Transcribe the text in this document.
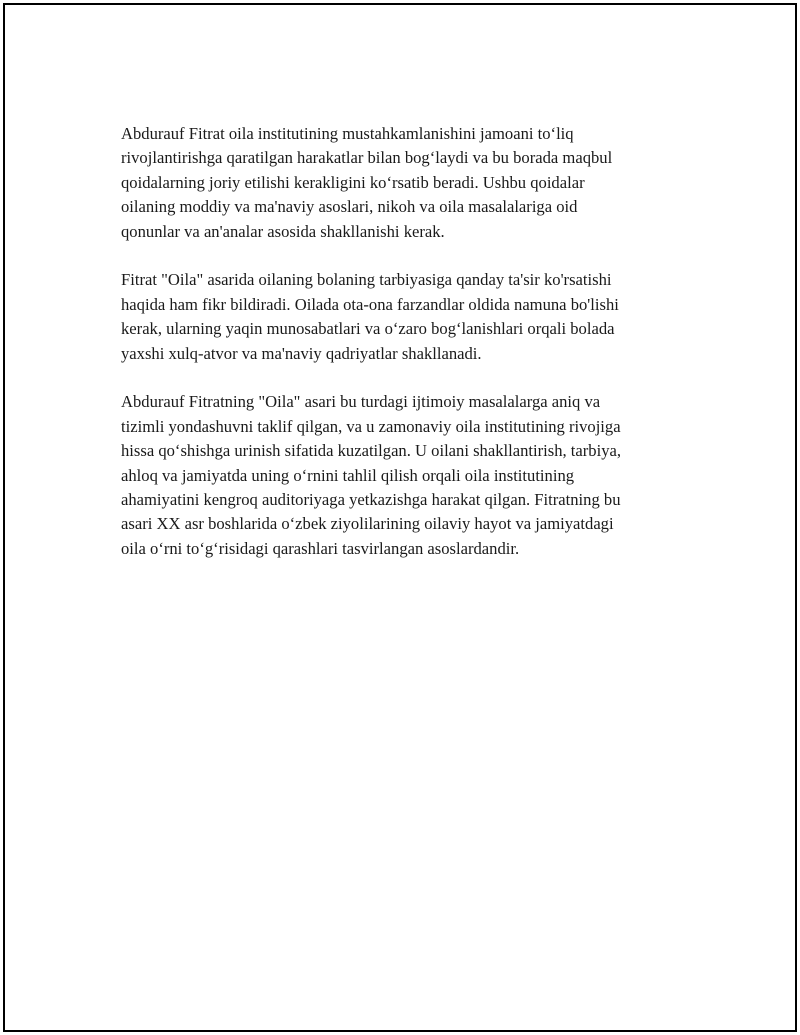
Abdurauf Fitrat oila institutining mustahkamlanishini jamoani to‘liq
rivojlantirishga qaratilgan harakatlar bilan bog‘laydi va bu borada maqbul
qoidalarning joriy etilishi kerakligini ko‘rsatib beradi. Ushbu qoidalar
oilaning moddiy va ma'naviy asoslari, nikoh va oila masalalariga oid
qonunlar va an'analar asosida shakllanishi kerak.

Fitrat "Oila" asarida oilaning bolaning tarbiyasiga qanday ta'sir ko'rsatishi
haqida ham fikr bildiradi. Oilada ota-ona farzandlar oldida namuna bo'lishi
kerak, ularning yaqin munosabatlari va o‘zaro bog‘lanishlari orqali bolada
yaxshi xulq-atvor va ma'naviy qadriyatlar shakllanadi.

Abdurauf Fitratning "Oila" asari bu turdagi ijtimoiy masalalarga aniq va
tizimli yondashuvni taklif qilgan, va u zamonaviy oila institutining rivojiga
hissa qo‘shishga urinish sifatida kuzatilgan. U oilani shakllantirish, tarbiya,
ahloq va jamiyatda uning o‘rnini tahlil qilish orqali oila institutining
ahamiyatini kengroq auditoriyaga yetkazishga harakat qilgan. Fitratning bu
asari XX asr boshlarida o‘zbek ziyolilarining oilaviy hayot va jamiyatdagi
oila o‘rni to‘g‘risidagi qarashlari tasvirlangan asoslardandir.
